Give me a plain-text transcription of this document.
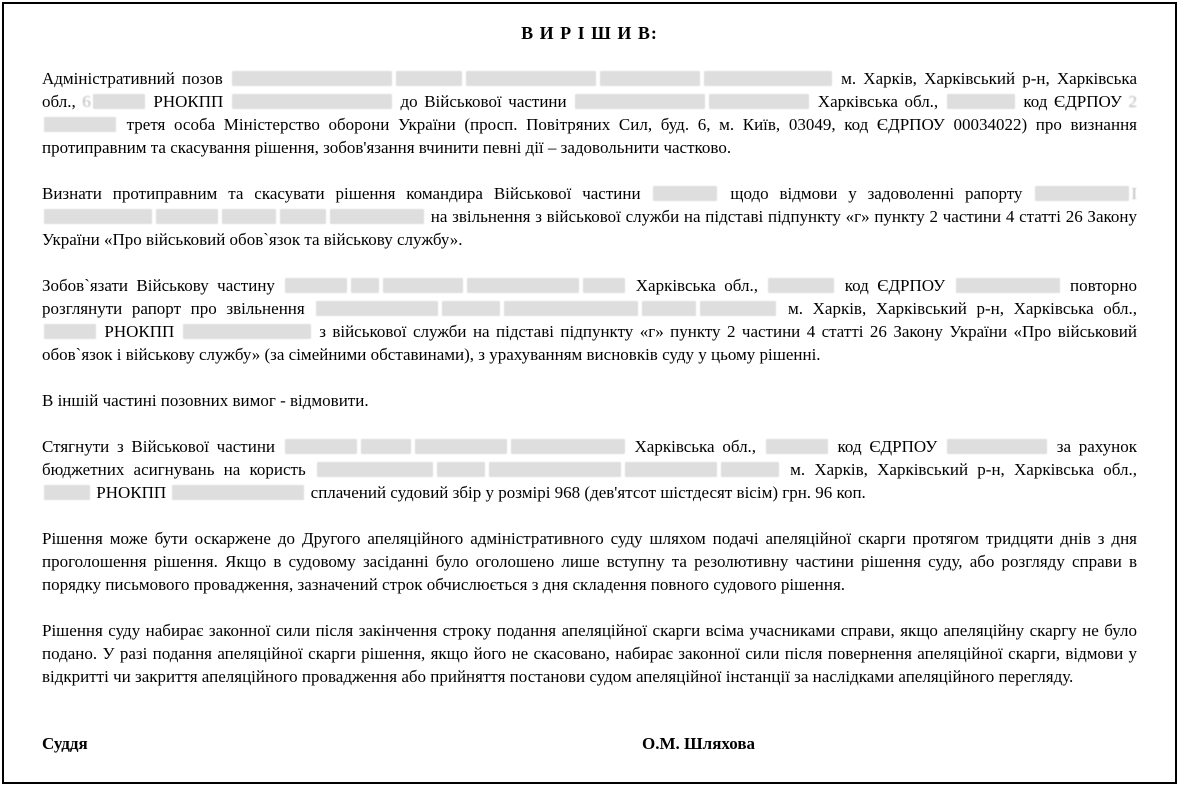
В И Р І Ш И В:

Адміністративний позов	м. Харків, Харківський р-н, Харківська обл., 6	РНОКПП	до Військової частини	Харківська обл.,	код ЄДРПОУ 2 третя особа Міністерство оборони України (просп. Повітряних Сил, буд. 6, м. Київ, 03049, код ЄДРПОУ 00034022) про визнання протиправним та скасування рішення, зобов'язання вчинити певні дії – задовольнити частково.

Визнати протиправним та скасувати рішення командира Військової частини	щодо відмови у задоволенні рапорту	І на звільнення з військової служби на підставі підпункту «г» пункту 2 частини 4 статті 26 Закону України «Про військовий обов`язок та військову службу».

Зобов`язати Військову частину	Харківська обл.,	код ЄДРПОУ	повторно розглянути рапорт про звільнення	м. Харків, Харківський р-н, Харківська обл.,  РНОКПП	з військової служби на підставі підпункту «г» пункту 2 частини 4 статті 26 Закону України «Про військовий обов`язок і військову службу» (за сімейними обставинами), з урахуванням висновків суду у цьому рішенні.

В іншій частині позовних вимог - відмовити.

Стягнути з Військової частини	Харківська обл.,	код ЄДРПОУ	за рахунок бюджетних асигнувань на користь	м. Харків, Харківський р-н, Харківська обл.,  РНОКПП	сплачений судовий збір у розмірі 968 (дев'ятсот шістдесят вісім) грн. 96 коп.

Рішення може бути оскаржене до Другого апеляційного адміністративного суду шляхом подачі апеляційної скарги протягом тридцяти днів з дня проголошення рішення. Якщо в судовому засіданні було оголошено лише вступну та резолютивну частини рішення суду, або розгляду справи в порядку письмового провадження, зазначений строк обчислюється з дня складення повного судового рішення.

Рішення суду набирає законної сили після закінчення строку подання апеляційної скарги всіма учасниками справи, якщо апеляційну скаргу не було подано. У разі подання апеляційної скарги рішення, якщо його не скасовано, набирає законної сили після повернення апеляційної скарги, відмови у відкритті чи закриття апеляційного провадження або прийняття постанови судом апеляційної інстанції за наслідками апеляційного перегляду.

Суддя	О.М. Шляхова
